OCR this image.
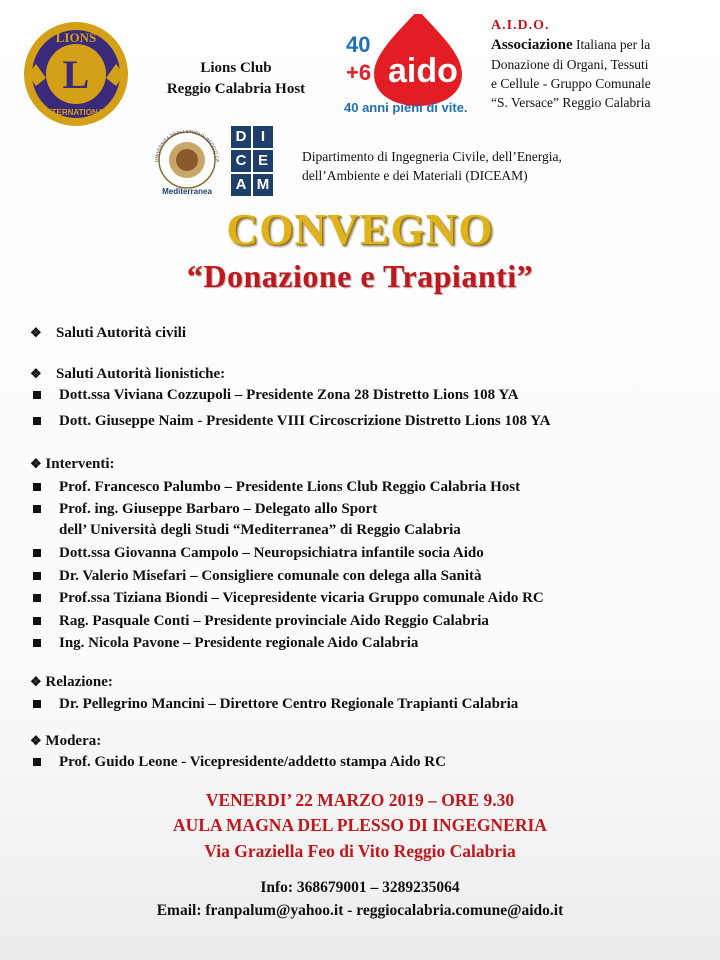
LIONS
INTERNATIONAL
L	Lions Club
Reggio Calabria Host
40
+6 aido
40 anni pieni di vite.
A.I.D.O.
Associazione Italiana per la
Donazione di Organi, Tessuti
e Cellule - Gruppo Comunale
“S. Versace” Reggio Calabria
UNIVERSITÀ DEGLI STUDI DI REGGIO CA
Mediterranea
D I
C E
A M
Dipartimento di Ingegneria Civile, dell’Energia,
dell’Ambiente e dei Materiali (DICEAM)
CONVEGNO
“Donazione e Trapianti”
❖ Saluti Autorità civili
❖ Saluti Autorità lionistiche:
Dott.ssa Viviana Cozzupoli – Presidente Zona 28 Distretto Lions 108 YA
Dott. Giuseppe Naim - Presidente VIII Circoscrizione Distretto Lions 108 YA
❖ Interventi:
Prof. Francesco Palumbo – Presidente Lions Club Reggio Calabria Host
Prof. ing. Giuseppe Barbaro – Delegato allo Sport
dell’ Università degli Studi “Mediterranea” di Reggio Calabria
Dott.ssa Giovanna Campolo – Neuropsichiatra infantile socia Aido
Dr. Valerio Misefari – Consigliere comunale con delega alla Sanità
Prof.ssa Tiziana Biondi – Vicepresidente vicaria Gruppo comunale Aido RC
Rag. Pasquale Conti – Presidente provinciale Aido Reggio Calabria
Ing. Nicola Pavone – Presidente regionale Aido Calabria
❖ Relazione:
Dr. Pellegrino Mancini – Direttore Centro Regionale Trapianti Calabria
❖ Modera:
Prof. Guido Leone - Vicepresidente/addetto stampa Aido RC
VENERDI’ 22 MARZO 2019 – ORE 9.30
AULA MAGNA DEL PLESSO DI INGEGNERIA
Via Graziella Feo di Vito Reggio Calabria
Info: 368679001 – 3289235064
Email: franpalum@yahoo.it - reggiocalabria.comune@aido.it
